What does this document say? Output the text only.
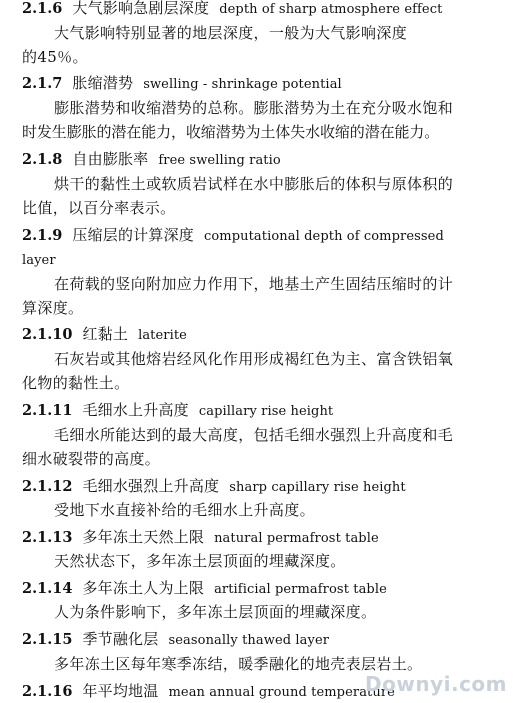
2.1.6 大气影响急剧层深度 depth of sharp atmosphere effect
大气影响特别显著的地层深度，一般为大气影响深度
的45％。
2.1.7 胀缩潜势 swelling - shrinkage potential
膨胀潜势和收缩潜势的总称。膨胀潜势为土在充分吸水饱和
时发生膨胀的潜在能力，收缩潜势为土体失水收缩的潜在能力。
2.1.8 自由膨胀率 free swelling ratio
烘干的黏性土或软质岩试样在水中膨胀后的体积与原体积的
比值，以百分率表示。
2.1.9 压缩层的计算深度 computational depth of compressed
layer
在荷载的竖向附加应力作用下，地基土产生固结压缩时的计
算深度。
2.1.10 红黏土 laterite
石灰岩或其他熔岩经风化作用形成褐红色为主、富含铁铝氧
化物的黏性土。
2.1.11 毛细水上升高度 capillary rise height
毛细水所能达到的最大高度，包括毛细水强烈上升高度和毛
细水破裂带的高度。
2.1.12 毛细水强烈上升高度 sharp capillary rise height
受地下水直接补给的毛细水上升高度。
2.1.13 多年冻土天然上限 natural permafrost table
天然状态下，多年冻土层顶面的埋藏深度。
2.1.14 多年冻土人为上限 artificial permafrost table
人为条件影响下，多年冻土层顶面的埋藏深度。
2.1.15 季节融化层 seasonally thawed layer
多年冻土区每年寒季冻结，暖季融化的地壳表层岩土。
2.1.16 年平均地温 mean annual ground temperature
Downyi.com
